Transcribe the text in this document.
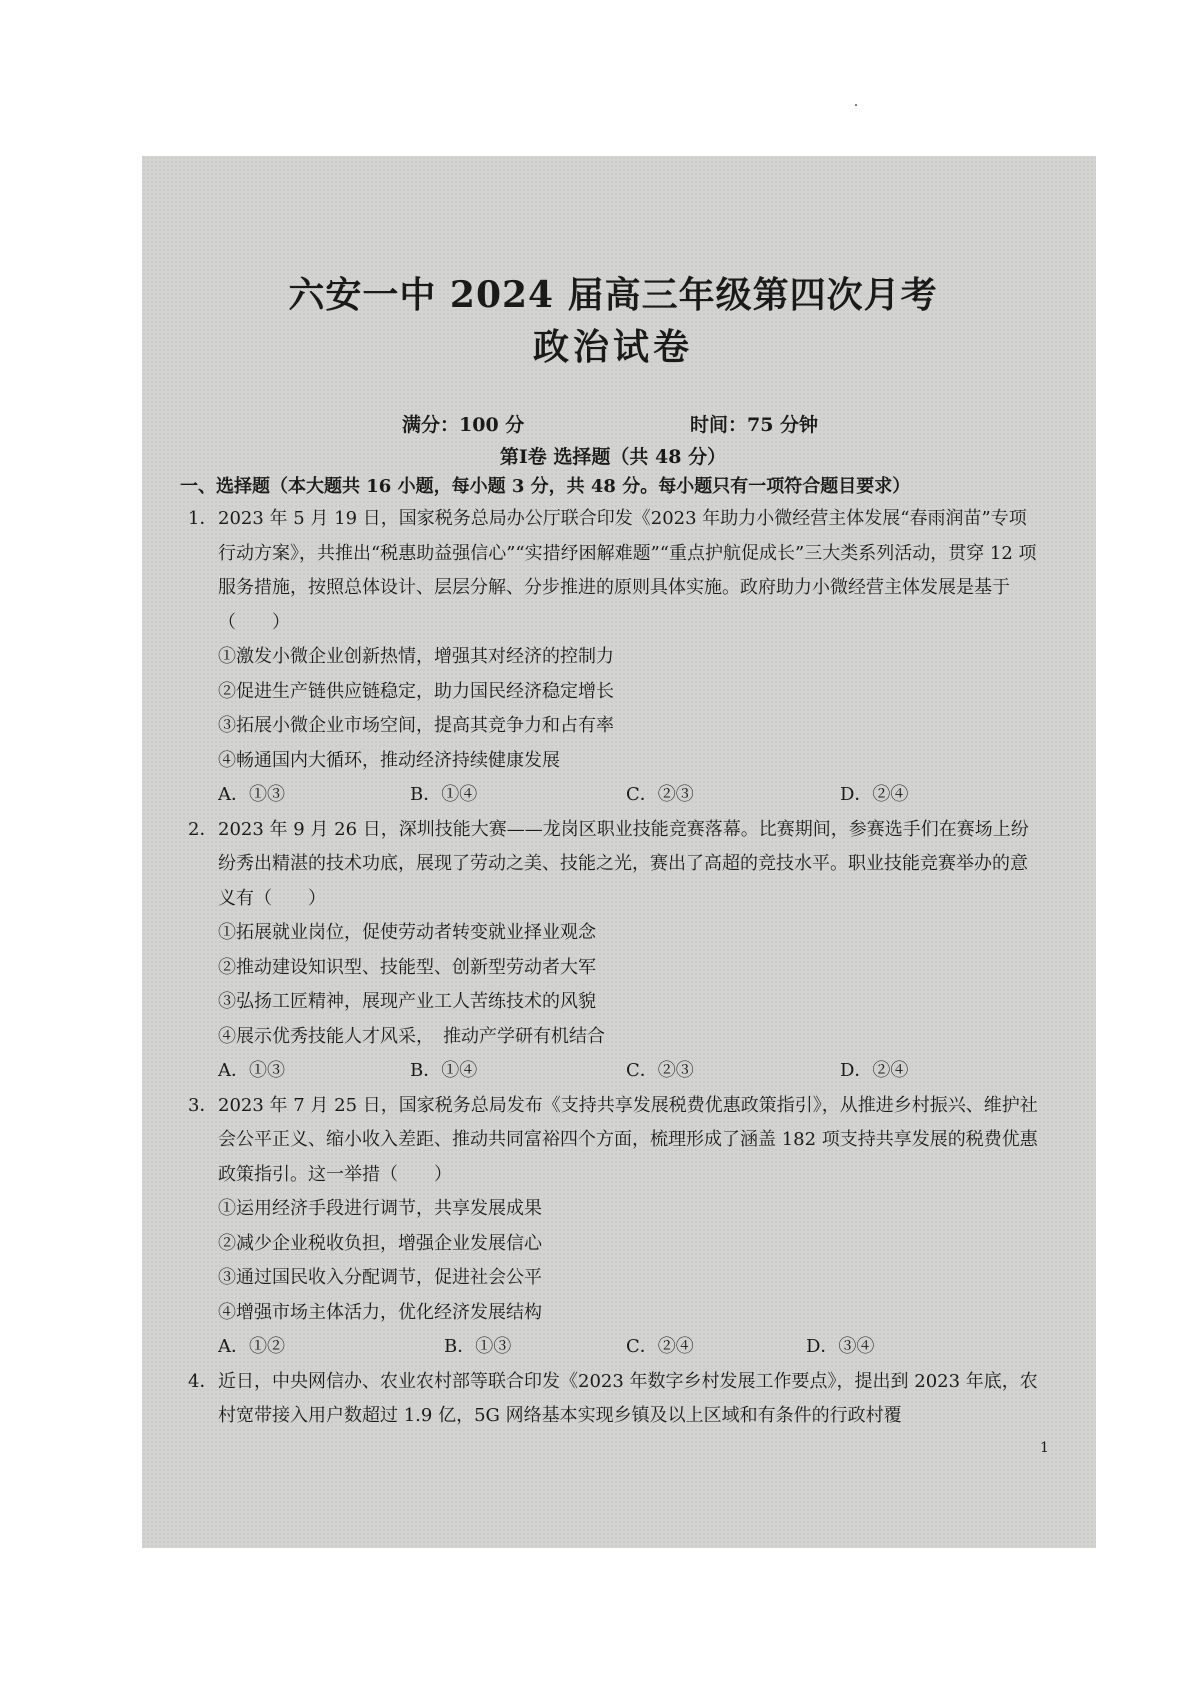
六安一中 2024 届高三年级第四次月考
政治试卷
满分：100 分	时间：75 分钟
第Ⅰ卷 选择题（共 48 分）
一、选择题（本大题共 16 小题，每小题 3 分，共 48 分。每小题只有一项符合题目要求）
1． 2023 年 5 月 19 日，国家税务总局办公厅联合印发《2023 年助力小微经营主体发展“春雨润苗”专项行动方案》，共推出“税惠助益强信心”“实措纾困解难题”“重点护航促成长”三大类系列活动，贯穿 12 项服务措施，按照总体设计、层层分解、分步推进的原则具体实施。政府助力小微经营主体发展是基于（　　）

①激发小微企业创新热情，增强其对经济的控制力
②促进生产链供应链稳定，助力国民经济稳定增长
③拓展小微企业市场空间，提高其竞争力和占有率
④畅通国内大循环，推动经济持续健康发展
A．①③	B．①④	C．②③	D．②④
2． 2023 年 9 月 26 日，深圳技能大赛——龙岗区职业技能竞赛落幕。比赛期间，参赛选手们在赛场上纷纷秀出精湛的技术功底，展现了劳动之美、技能之光，赛出了高超的竞技水平。职业技能竞赛举办的意义有（　　）

①拓展就业岗位，促使劳动者转变就业择业观念
②推动建设知识型、技能型、创新型劳动者大军
③弘扬工匠精神，展现产业工人苦练技术的风貌
④展示优秀技能人才风采，　推动产学研有机结合
A．①③	B．①④	C．②③	D．②④
3． 2023 年 7 月 25 日，国家税务总局发布《支持共享发展税费优惠政策指引》，从推进乡村振兴、维护社会公平正义、缩小收入差距、推动共同富裕四个方面，梳理形成了涵盖 182 项支持共享发展的税费优惠政策指引。这一举措（　　）

①运用经济手段进行调节，共享发展成果
②减少企业税收负担，增强企业发展信心
③通过国民收入分配调节，促进社会公平
④增强市场主体活力，优化经济发展结构
A．①②	B．①③	C．②④	D．③④
4． 近日，中央网信办、农业农村部等联合印发《2023 年数字乡村发展工作要点》，提出到 2023 年底，农村宽带接入用户数超过 1.9 亿，5G 网络基本实现乡镇及以上区域和有条件的行政村覆

1
